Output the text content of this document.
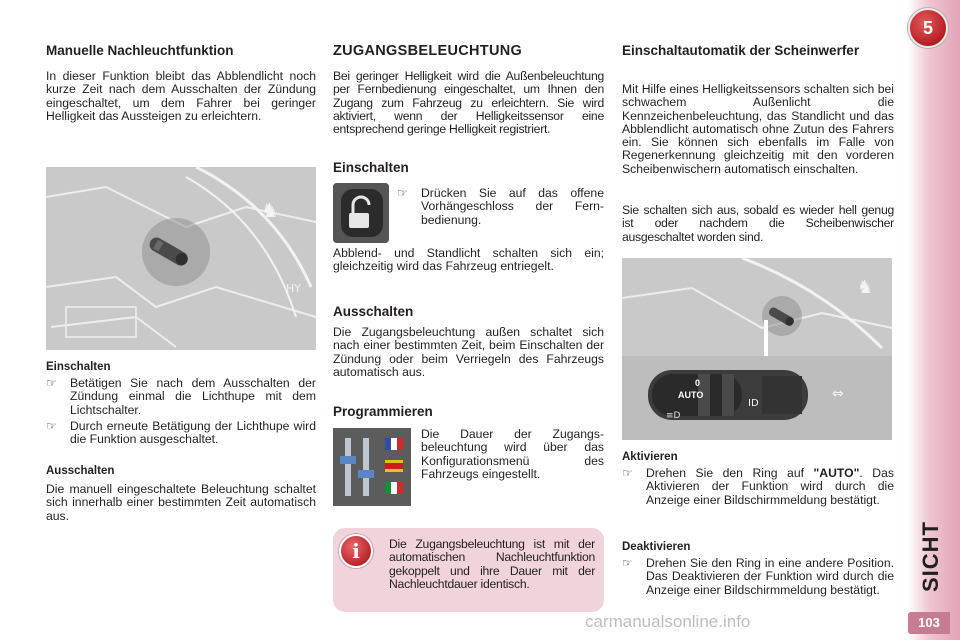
5
SICHT
103
Manuelle Nachleuchtfunktion
In dieser Funktion bleibt das Abblendlicht noch kurze Zeit nach dem Ausschalten der Zündung eingeschaltet, um dem Fahrer bei geringer Helligkeit das Aussteigen zu erleichtern.
♞
HY
Einschalten
☞ Betätigen Sie nach dem Ausschalten der Zündung einmal die Lichthupe mit dem Lichtschalter.
☞ Durch erneute Betätigung der Lichthupe wird die Funktion ausgeschaltet.
Ausschalten
Die manuell eingeschaltete Beleuchtung schaltet sich innerhalb einer bestimmten Zeit automatisch aus.
ZUGANGSBELEUCHTUNG
Bei geringer Helligkeit wird die Außenbeleuchtung per Fernbedienung eingeschaltet, um Ihnen den Zugang zum Fahrzeug zu erleichtern. Sie wird aktiviert, wenn der Helligkeitssensor eine entsprechend geringe Helligkeit registriert.
Einschalten
☞ Drücken Sie auf das offene Vorhängeschloss der Fernbedienung.
Abblend- und Standlicht schalten sich ein; gleichzeitig wird das Fahrzeug entriegelt.
Ausschalten
Die Zugangsbeleuchtung außen schaltet sich nach einer bestimmten Zeit, beim Einschalten der Zündung oder beim Verriegeln des Fahrzeugs automatisch aus.
Programmieren
Die Dauer der Zugangsbeleuchtung wird über das Konfigurationsmenü des Fahrzeugs eingestellt.
i	Die Zugangsbeleuchtung ist mit der automatischen Nachleuchtfunktion gekoppelt und ihre Dauer mit der Nachleuchtdauer identisch.
Einschaltautomatik der Scheinwerfer
Mit Hilfe eines Helligkeitssensors schalten sich bei schwachem Außenlicht die Kennzeichenbeleuchtung, das Standlicht und das Abblendlicht automatisch ohne Zutun des Fahrers ein. Sie können sich ebenfalls im Falle von Regenerkennung gleichzeitig mit den vorderen Scheibenwischern automatisch einschalten.
Sie schalten sich aus, sobald es wieder hell genug ist oder nachdem die Scheibenwischer ausgeschaltet worden sind.
♞
⇔
ID
≡D
AUTO
0
Aktivieren
☞ Drehen Sie den Ring auf "AUTO". Das Aktivieren der Funktion wird durch die Anzeige einer Bildschirmmeldung bestätigt.
Deaktivieren
☞ Drehen Sie den Ring in eine andere Position. Das Deaktivieren der Funktion wird durch die Anzeige einer Bildschirmmeldung bestätigt.
carmanualsonline.info
